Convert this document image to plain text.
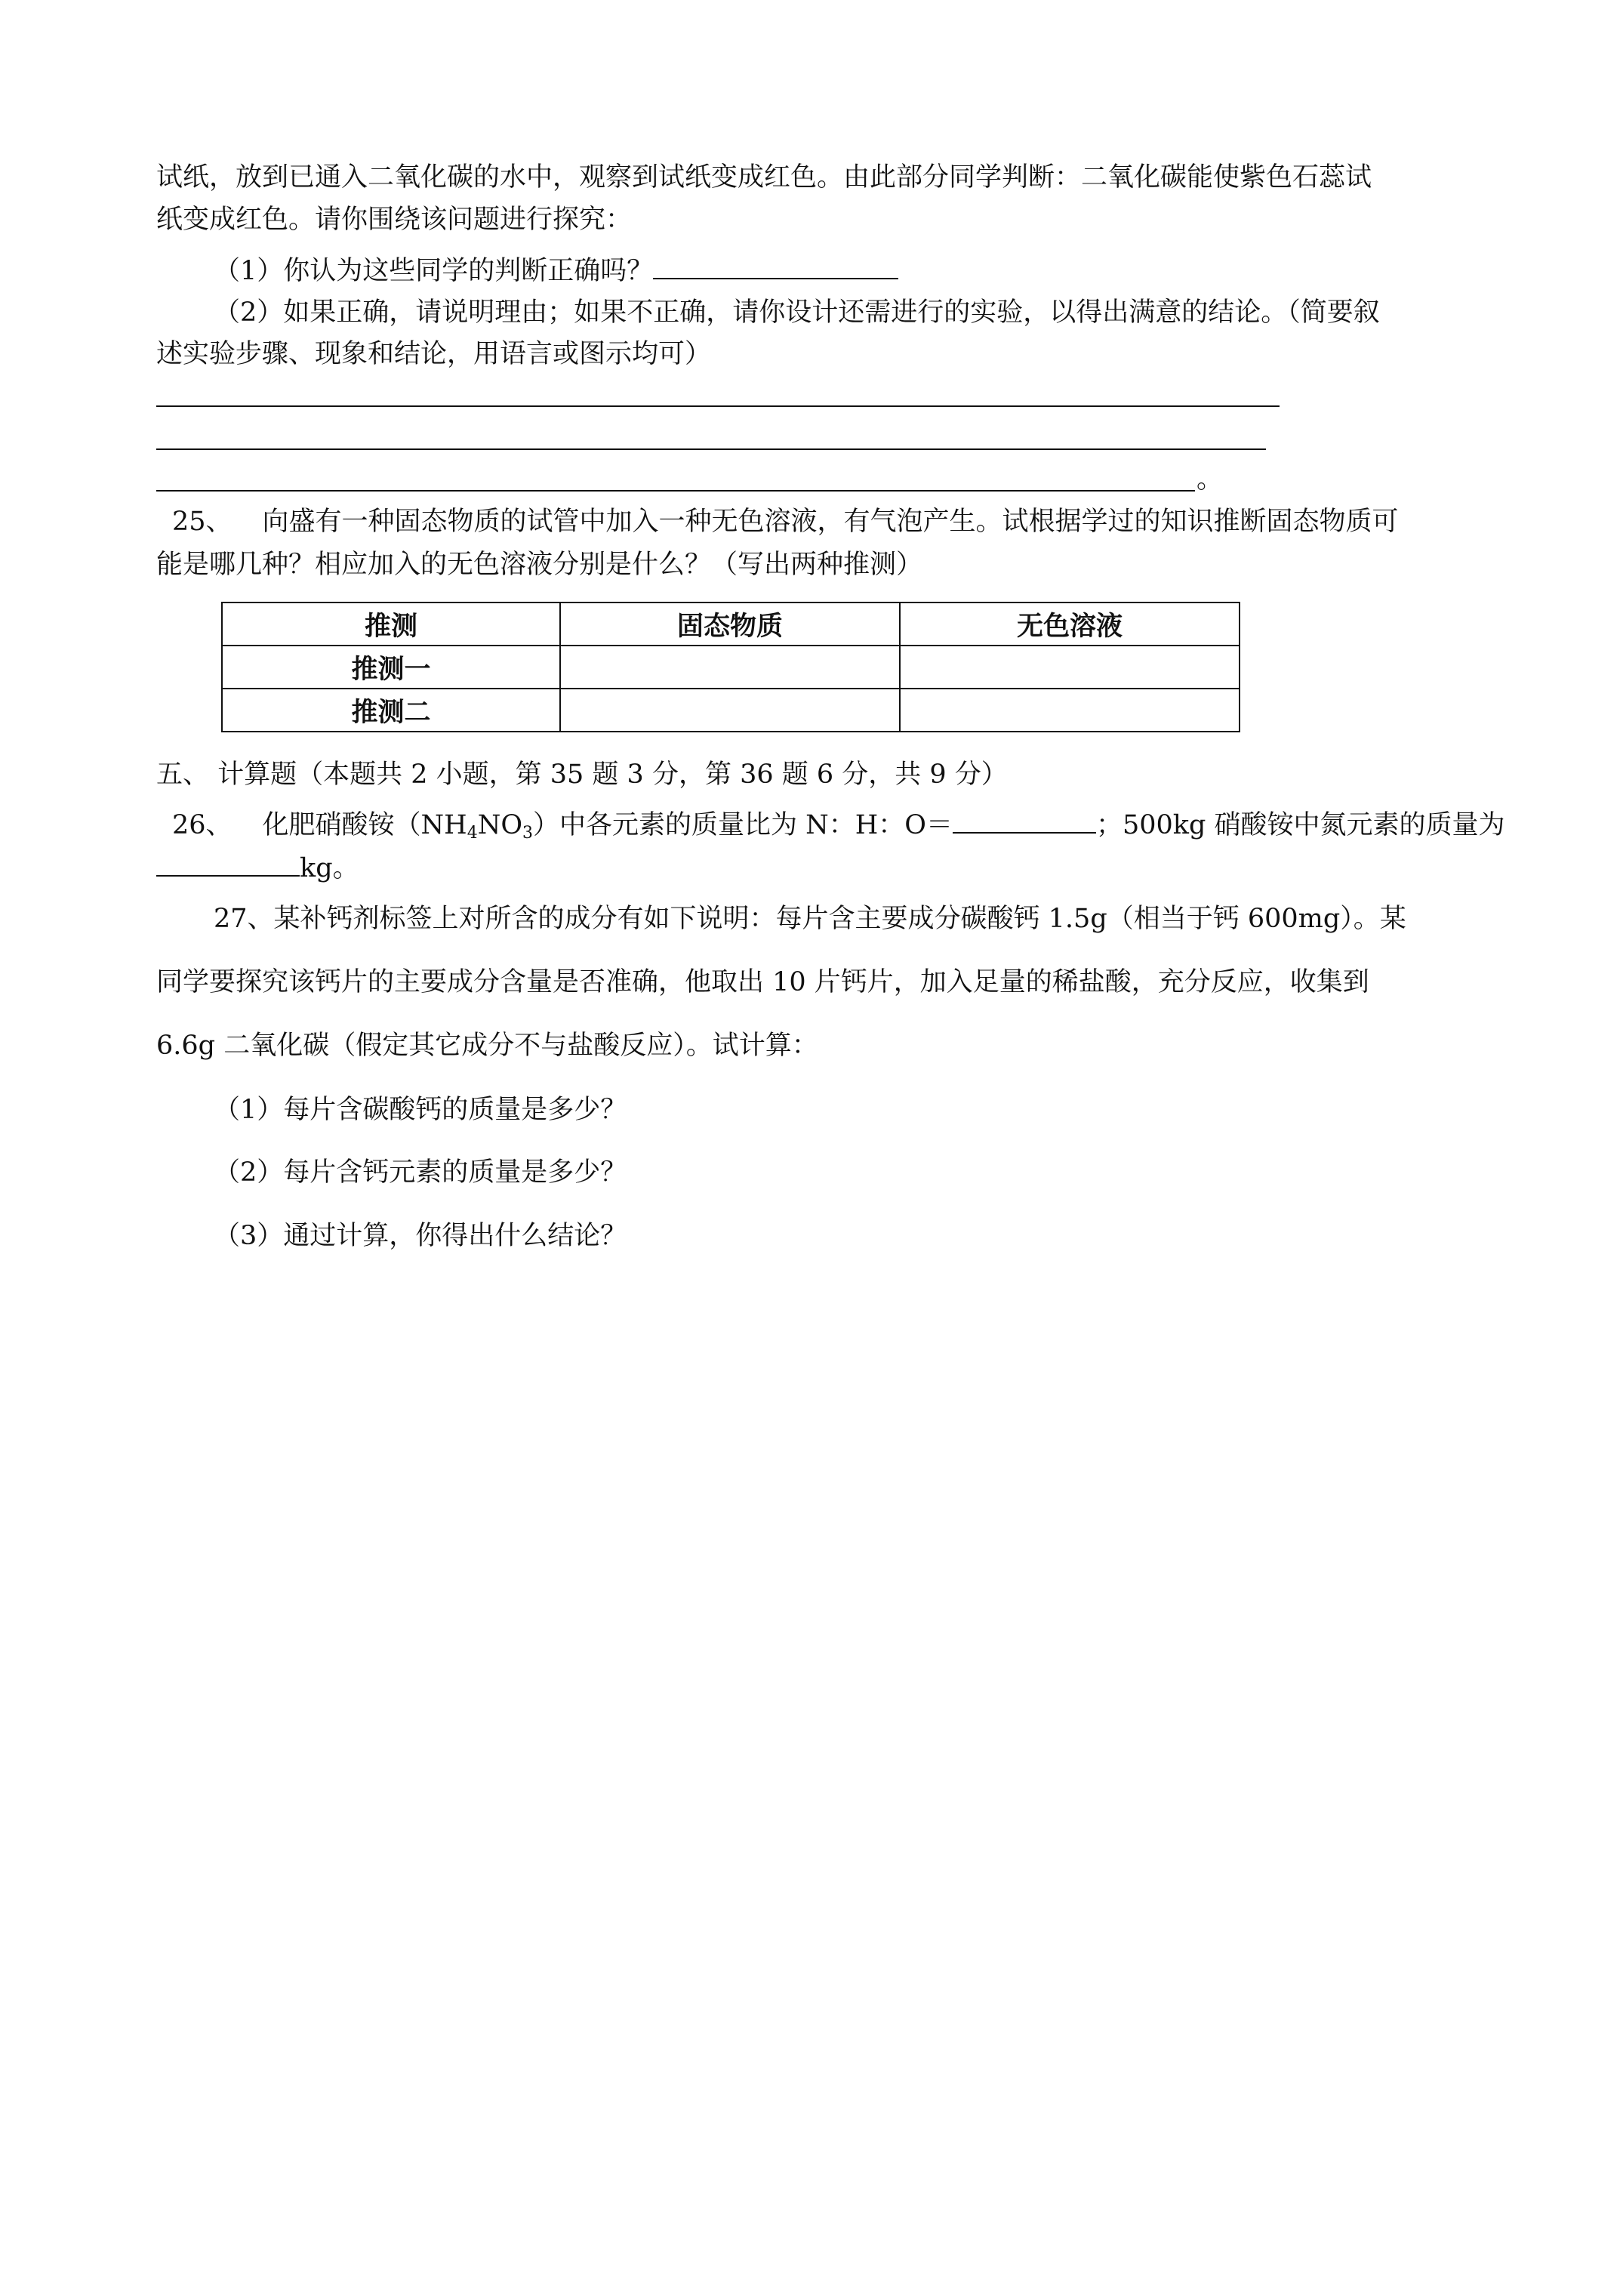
试纸，放到已通入二氧化碳的水中，观察到试纸变成红色。由此部分同学判断：二氧化碳能使紫色石蕊试
纸变成红色。请你围绕该问题进行探究：
（1）你认为这些同学的判断正确吗？
（2）如果正确，请说明理由；如果不正确，请你设计还需进行的实验，以得出满意的结论。（简要叙
述实验步骤、现象和结论，用语言或图示均可）
。
25、 向盛有一种固态物质的试管中加入一种无色溶液，有气泡产生。试根据学过的知识推断固态物质可
能是哪几种？相应加入的无色溶液分别是什么？（写出两种推测）
推测	固态物质	无色溶液
推测一		
推测二		
五、 计算题（本题共 2 小题，第 35 题 3 分，第 36 题 6 分，共 9 分）
26、 化肥硝酸铵$(NH_4NO_3)$中各元素的质量比为 N：H：O＝	；500kg 硝酸铵中氮元素的质量为
kg。
27、某补钙剂标签上对所含的成分有如下说明：每片含主要成分碳酸钙 1.5g（相当于钙 600mg）。某
同学要探究该钙片的主要成分含量是否准确，他取出 10 片钙片，加入足量的稀盐酸，充分反应，收集到
6.6g 二氧化碳（假定其它成分不与盐酸反应）。试计算：
（1）每片含碳酸钙的质量是多少？
（2）每片含钙元素的质量是多少？
（3）通过计算，你得出什么结论？
